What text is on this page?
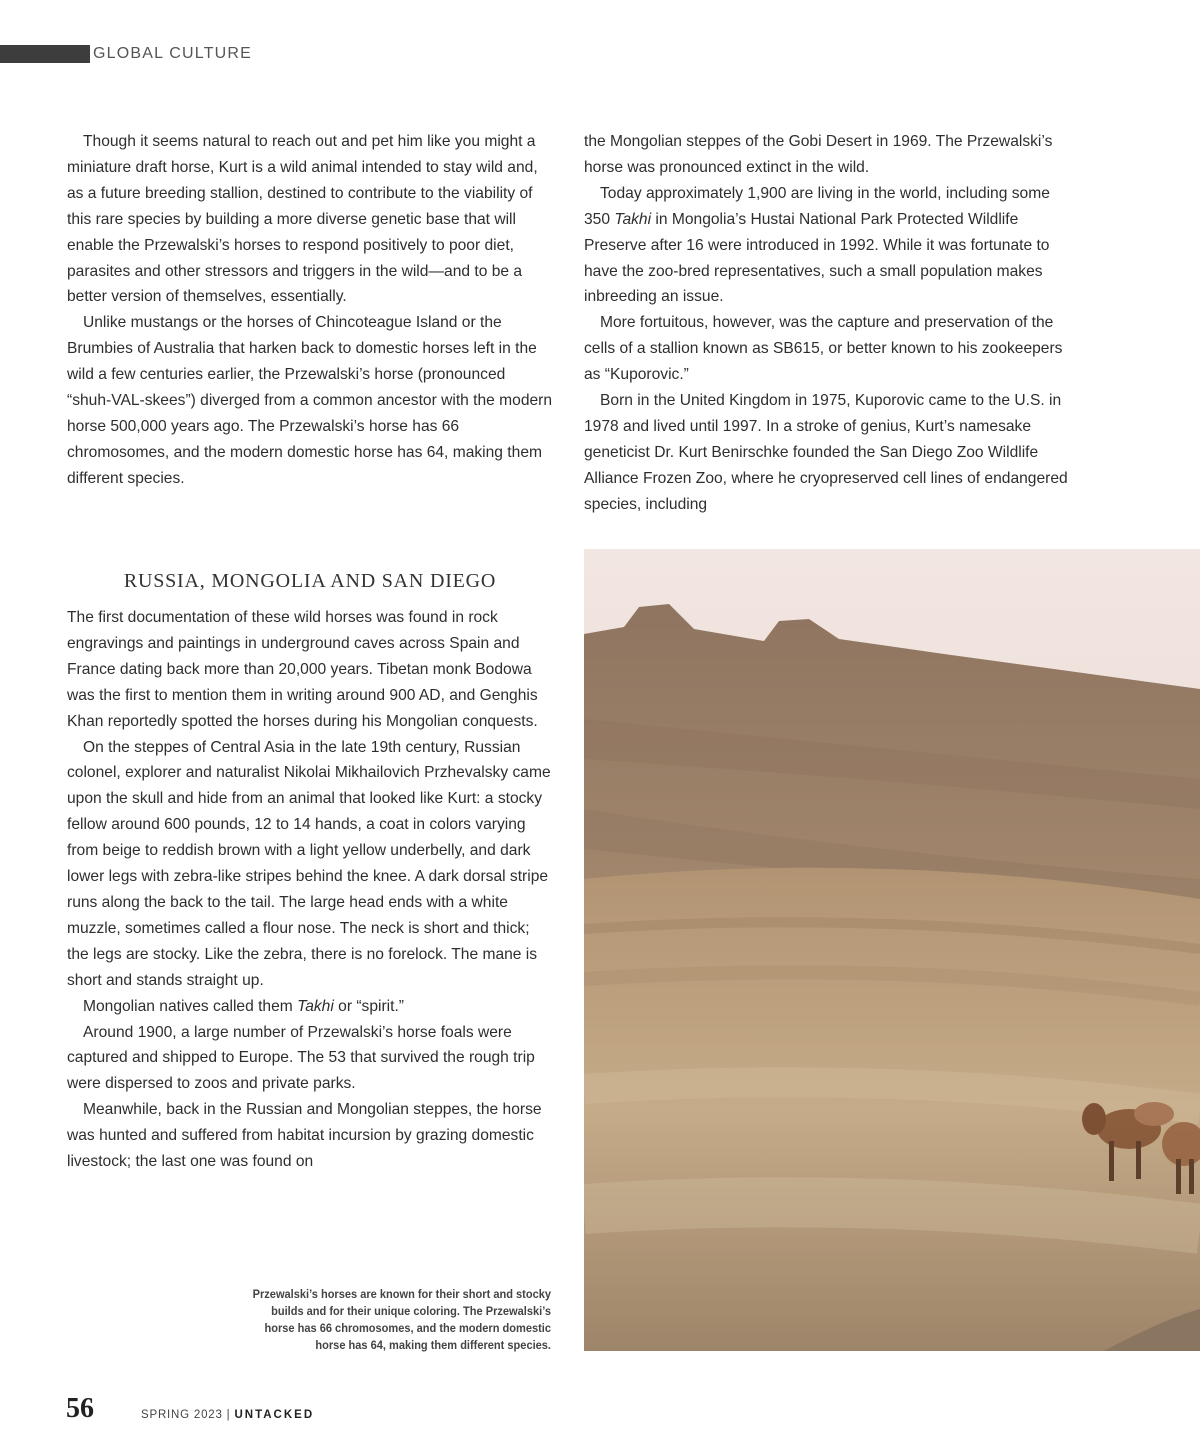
GLOBAL CULTURE

Though it seems natural to reach out and pet him like you might a miniature draft horse, Kurt is a wild animal intended to stay wild and, as a future breeding stallion, destined to contribute to the viability of this rare species by building a more diverse genetic base that will enable the Przewalski’s horses to respond positively to poor diet, parasites and other stressors and triggers in the wild—and to be a better version of themselves, essentially.

Unlike mustangs or the horses of Chincoteague Island or the Brumbies of Australia that harken back to domestic horses left in the wild a few centuries earlier, the Przewalski’s horse (pronounced “shuh-VAL-skees”) diverged from a common ancestor with the modern horse 500,000 years ago. The Przewalski’s horse has 66 chromosomes, and the modern domestic horse has 64, making them different species.

the Mongolian steppes of the Gobi Desert in 1969. The Przewalski’s horse was pronounced extinct in the wild.

Today approximately 1,900 are living in the world, including some 350 Takhi in Mongolia’s Hustai National Park Protected Wildlife Preserve after 16 were introduced in 1992. While it was fortunate to have the zoo-bred representatives, such a small population makes inbreeding an issue.

More fortuitous, however, was the capture and preservation of the cells of a stallion known as SB615, or better known to his zookeepers as “Kuporovic.”

Born in the United Kingdom in 1975, Kuporovic came to the U.S. in 1978 and lived until 1997. In a stroke of genius, Kurt’s namesake geneticist Dr. Kurt Benirschke founded the San Diego Zoo Wildlife Alliance Frozen Zoo, where he cryopreserved cell lines of endangered species, including

RUSSIA, MONGOLIA AND SAN DIEGO

The first documentation of these wild horses was found in rock engravings and paintings in underground caves across Spain and France dating back more than 20,000 years. Tibetan monk Bodowa was the first to mention them in writing around 900 AD, and Genghis Khan reportedly spotted the horses during his Mongolian conquests.

On the steppes of Central Asia in the late 19th century, Russian colonel, explorer and naturalist Nikolai Mikhailovich Przhevalsky came upon the skull and hide from an animal that looked like Kurt: a stocky fellow around 600 pounds, 12 to 14 hands, a coat in colors varying from beige to reddish brown with a light yellow underbelly, and dark lower legs with zebra-like stripes behind the knee. A dark dorsal stripe runs along the back to the tail. The large head ends with a white muzzle, sometimes called a flour nose. The neck is short and thick; the legs are stocky. Like the zebra, there is no forelock. The mane is short and stands straight up.

Mongolian natives called them Takhi or “spirit.”

Around 1900, a large number of Przewalski’s horse foals were captured and shipped to Europe. The 53 that survived the rough trip were dispersed to zoos and private parks.

Meanwhile, back in the Russian and Mongolian steppes, the horse was hunted and suffered from habitat incursion by grazing domestic livestock; the last one was found on

Przewalski’s horses are known for their short and stocky builds and for their unique coloring. The Przewalski’s horse has 66 chromosomes, and the modern domestic horse has 64, making them different species.
56	SPRING 2023 | UNTACKED
